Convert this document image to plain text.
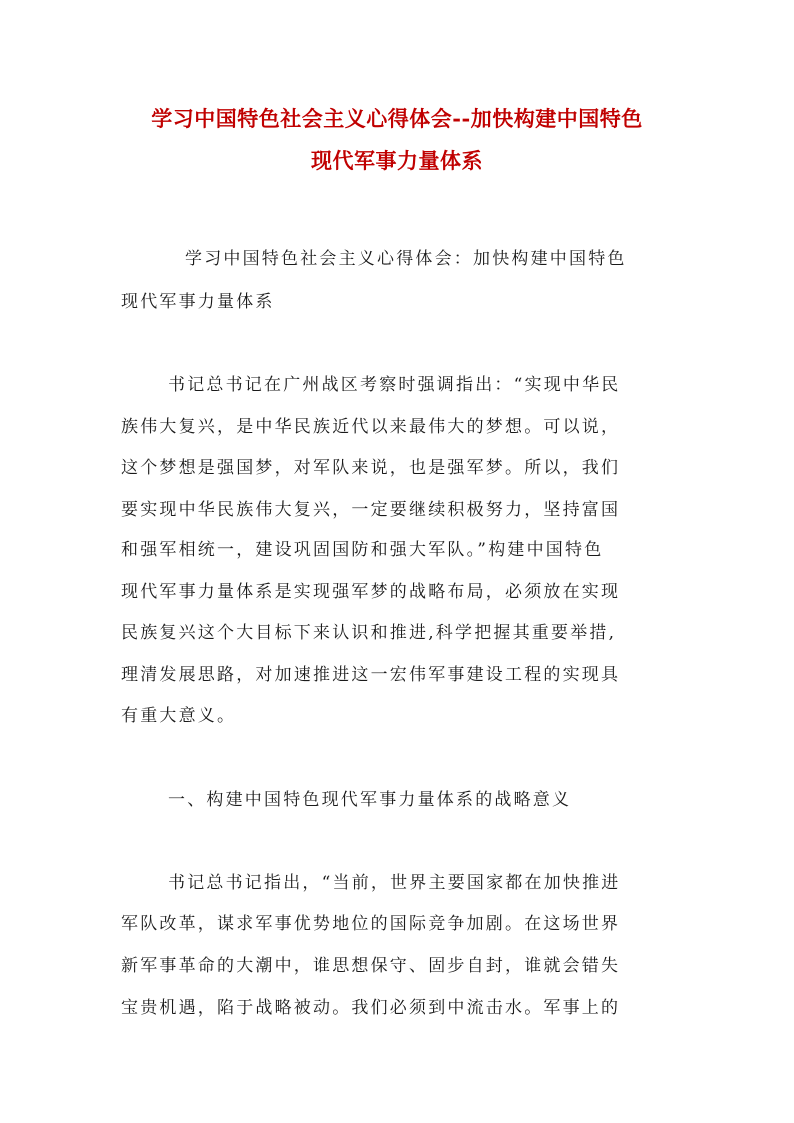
学习中国特色社会主义心得体会--加快构建中国特色
现代军事力量体系

学习中国特色社会主义心得体会：加快构建中国特色

现代军事力量体系

书记总书记在广州战区考察时强调指出：“实现中华民

族伟大复兴，是中华民族近代以来最伟大的梦想。可以说，

这个梦想是强国梦，对军队来说，也是强军梦。所以，我们

要实现中华民族伟大复兴，一定要继续积极努力，坚持富国

和强军相统一，建设巩固国防和强大军队。”构建中国特色

现代军事力量体系是实现强军梦的战略布局，必须放在实现

民族复兴这个大目标下来认识和推进,科学把握其重要举措,

理清发展思路，对加速推进这一宏伟军事建设工程的实现具

有重大意义。

一、构建中国特色现代军事力量体系的战略意义

书记总书记指出，“当前，世界主要国家都在加快推进

军队改革，谋求军事优势地位的国际竞争加剧。在这场世界

新军事革命的大潮中，谁思想保守、固步自封，谁就会错失

宝贵机遇，陷于战略被动。我们必须到中流击水。军事上的
